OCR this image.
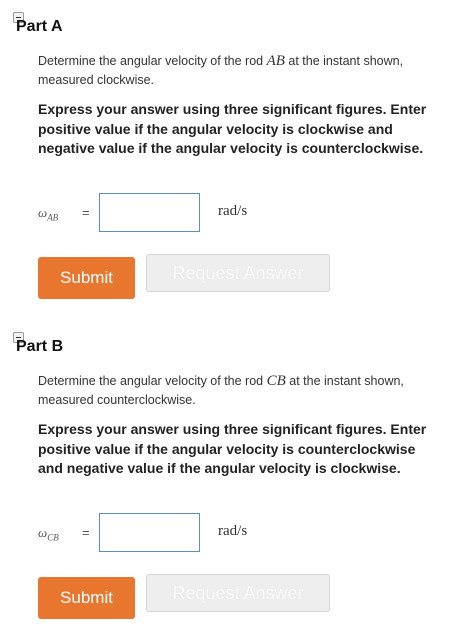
Part A
Determine the angular velocity of the rod AB at the instant shown, measured clockwise.
Express your answer using three significant figures. Enter positive value if the angular velocity is clockwise and negative value if the angular velocity is counterclockwise.
$\omega_{AB}$ =	rad/s
Submit	Request Answer
Part B
Determine the angular velocity of the rod CB at the instant shown, measured counterclockwise.
Express your answer using three significant figures. Enter positive value if the angular velocity is counterclockwise and negative value if the angular velocity is clockwise.
$\omega_{CB}$ =	rad/s
Submit	Request Answer
